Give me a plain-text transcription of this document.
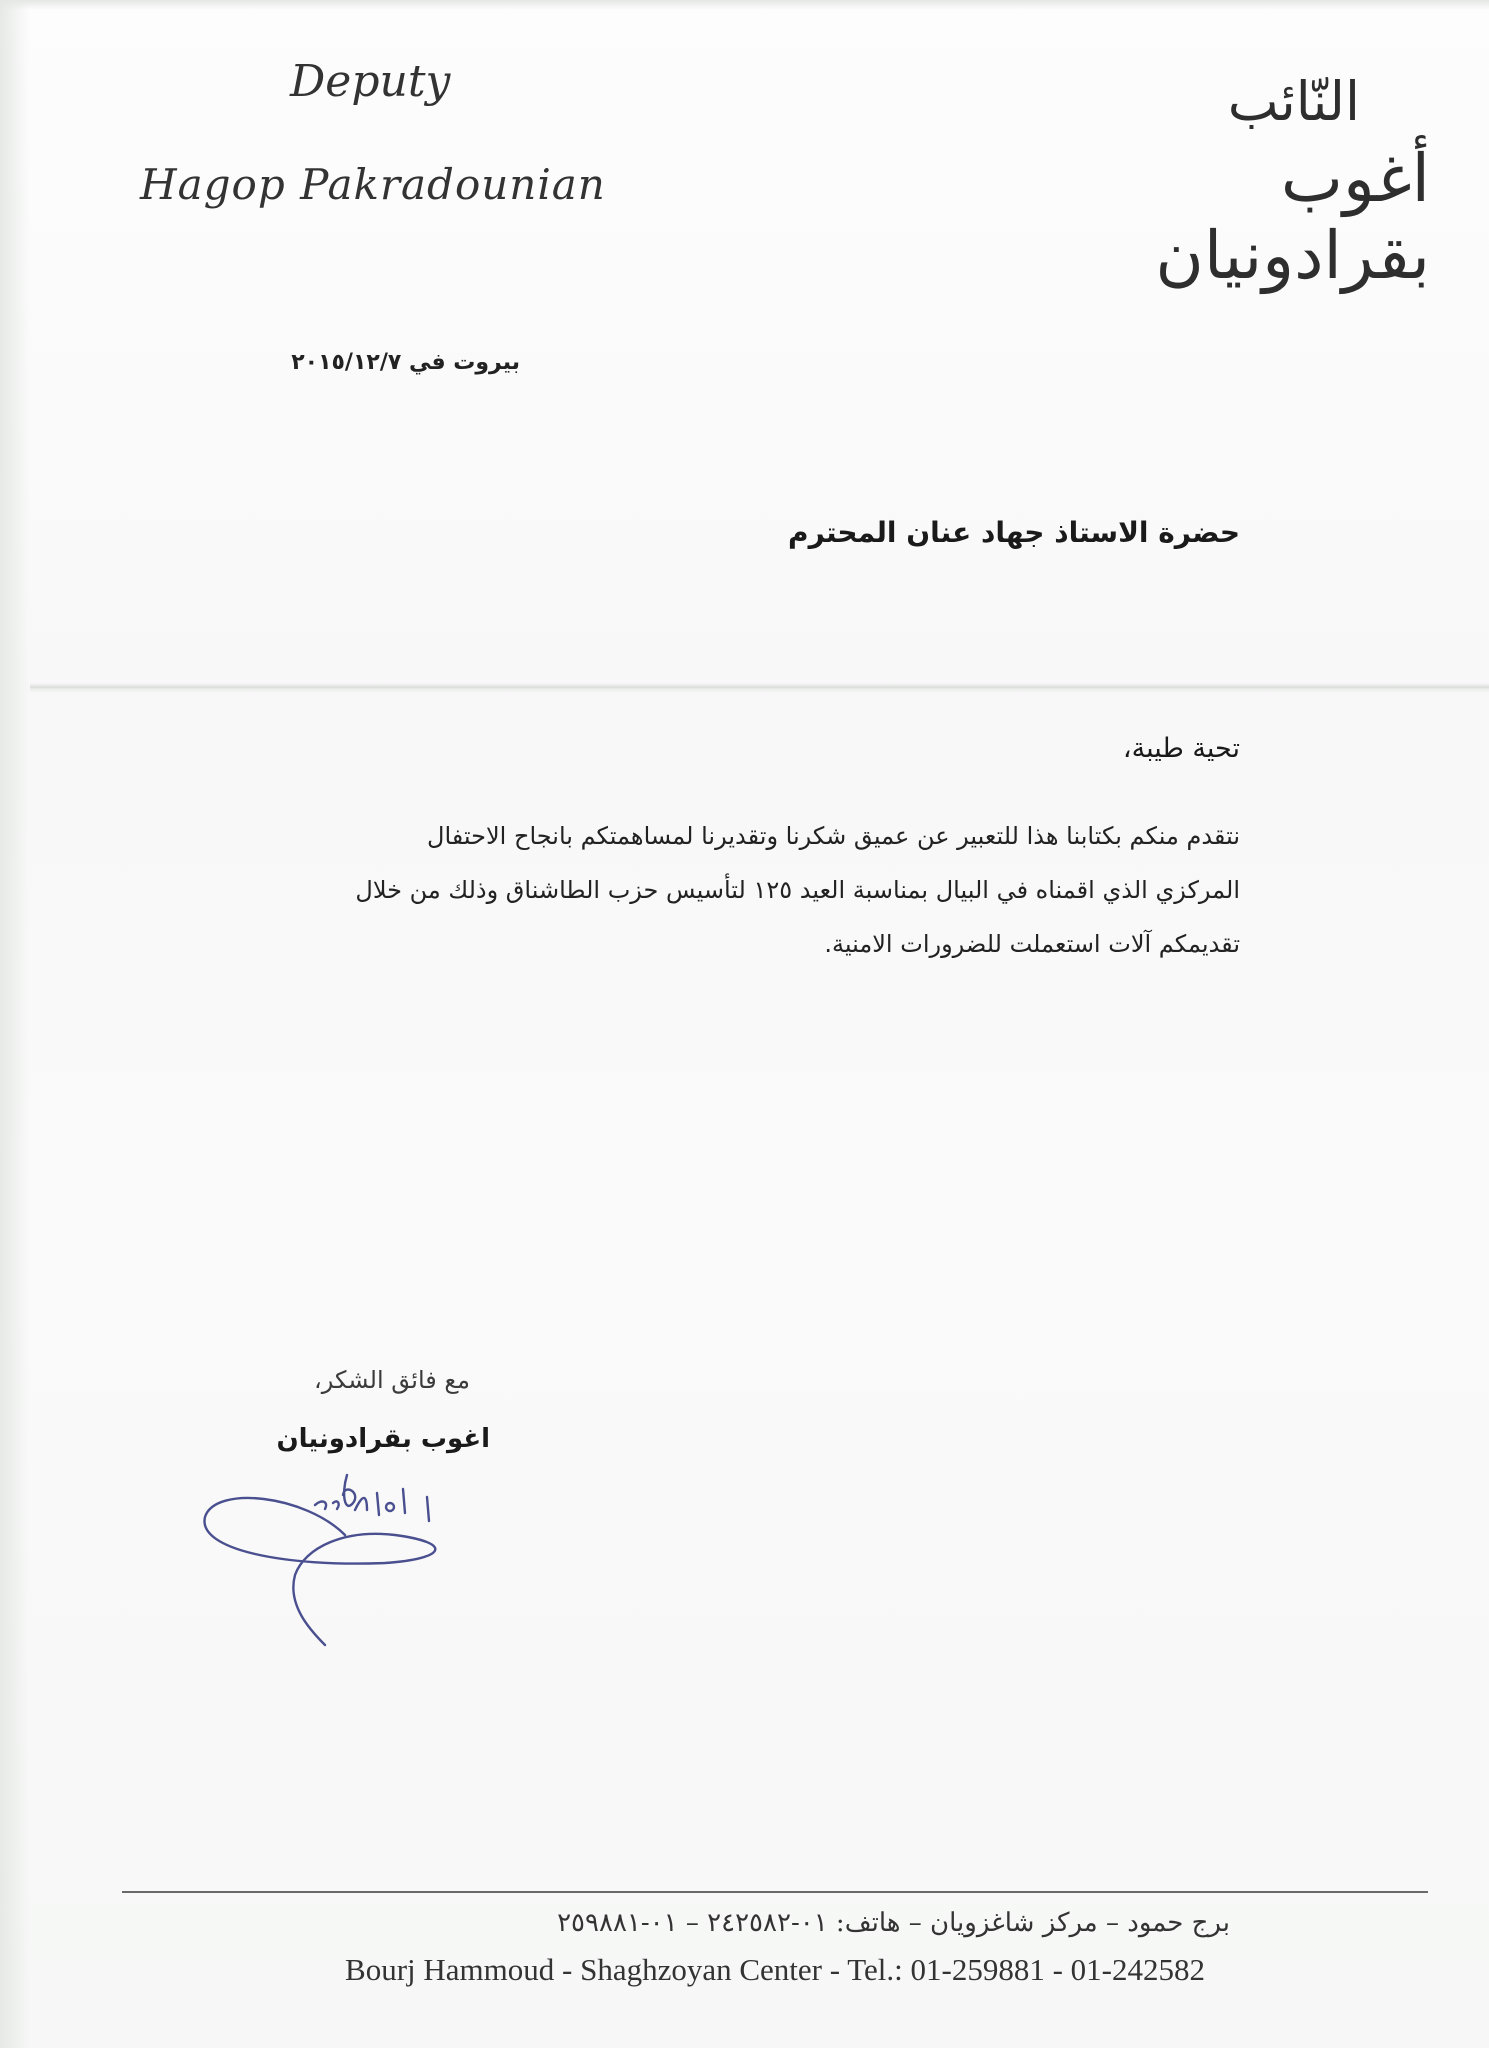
Deputy
Hagop Pakradounian
النّائب
أغوب بقرادونيان
بيروت في ٢٠١٥/١٢/٧
حضرة الاستاذ جهاد عنان المحترم
تحية طيبة،
نتقدم منكم بكتابنا هذا للتعبير عن عميق شكرنا وتقديرنا لمساهمتكم بانجاح الاحتفال
المركزي الذي اقمناه في البيال بمناسبة العيد ١٢٥ لتأسيس حزب الطاشناق وذلك من خلال
تقديمكم آلات استعملت للضرورات الامنية.
مع فائق الشكر،
اغوب بقرادونيان
برج حمود – مركز شاغزويان – هاتف: ٠١-٢٤٢٥٨٢ – ٠١-٢٥٩٨٨١
Bourj Hammoud - Shaghzoyan Center - Tel.: 01-259881 - 01-242582
